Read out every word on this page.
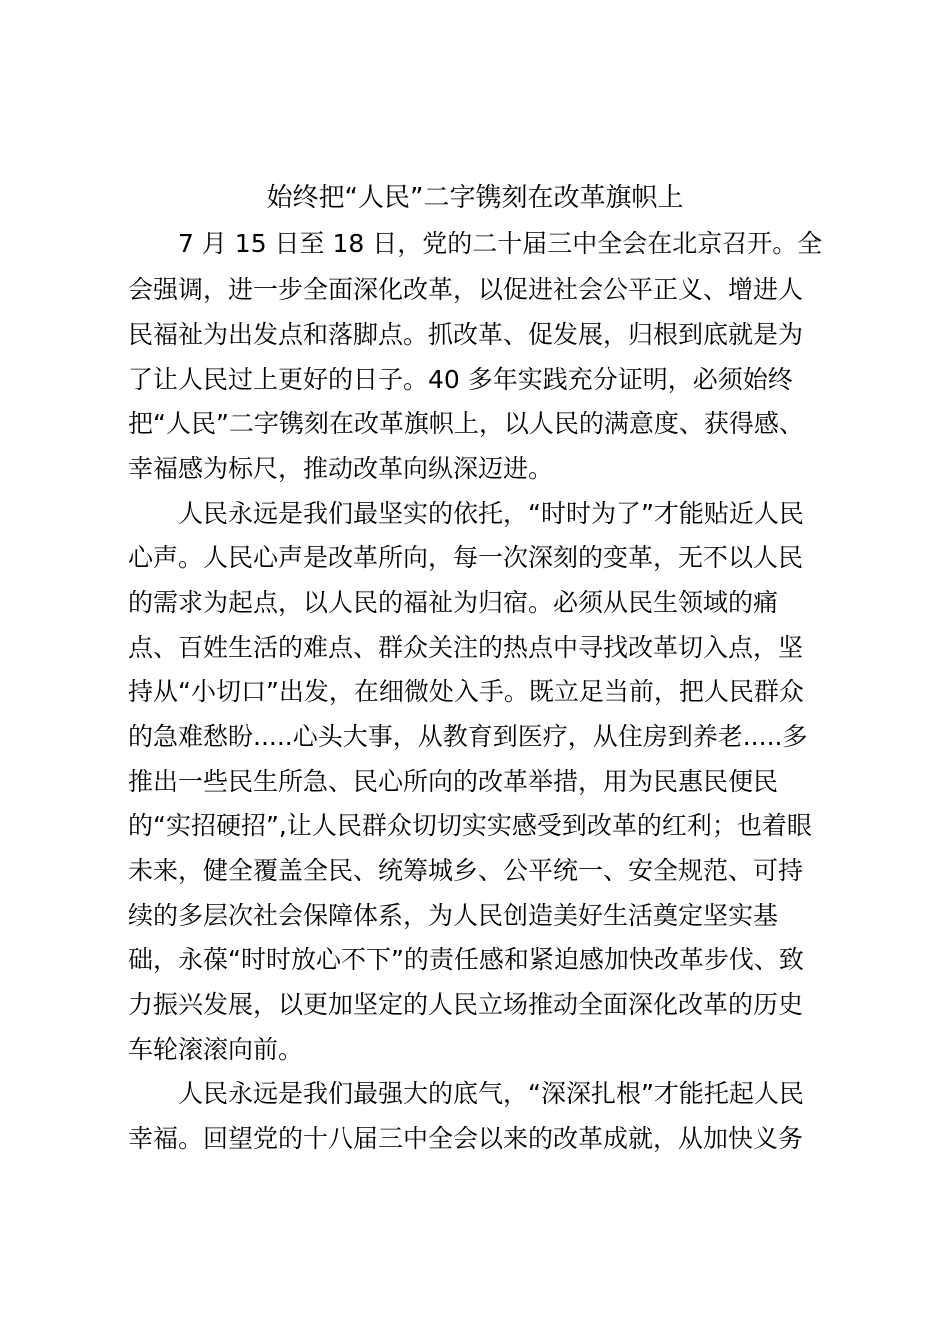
始终把“人民”二字镌刻在改革旗帜上

　　7 月 15 日至 18 日，党的二十届三中全会在北京召开。全

会强调，进一步全面深化改革，以促进社会公平正义、增进人

民福祉为出发点和落脚点。抓改革、促发展，归根到底就是为

了让人民过上更好的日子。40 多年实践充分证明，必须始终

把“人民”二字镌刻在改革旗帜上，以人民的满意度、获得感、

幸福感为标尺，推动改革向纵深迈进。

　　人民永远是我们最坚实的依托，“时时为了”才能贴近人民

心声。人民心声是改革所向，每一次深刻的变革，无不以人民

的需求为起点，以人民的福祉为归宿。必须从民生领域的痛

点、百姓生活的难点、群众关注的热点中寻找改革切入点，坚

持从“小切口”出发，在细微处入手。既立足当前，把人民群众

的急难愁盼.....心头大事，从教育到医疗，从住房到养老.....多

推出一些民生所急、民心所向的改革举措，用为民惠民便民

的“实招硬招”,让人民群众切切实实感受到改革的红利；也着眼

未来，健全覆盖全民、统筹城乡、公平统一、安全规范、可持

续的多层次社会保障体系，为人民创造美好生活奠定坚实基

础，永葆“时时放心不下”的责任感和紧迫感加快改革步伐、致

力振兴发展，以更加坚定的人民立场推动全面深化改革的历史

车轮滚滚向前。

　　人民永远是我们最强大的底气，“深深扎根”才能托起人民

幸福。回望党的十八届三中全会以来的改革成就，从加快义务
